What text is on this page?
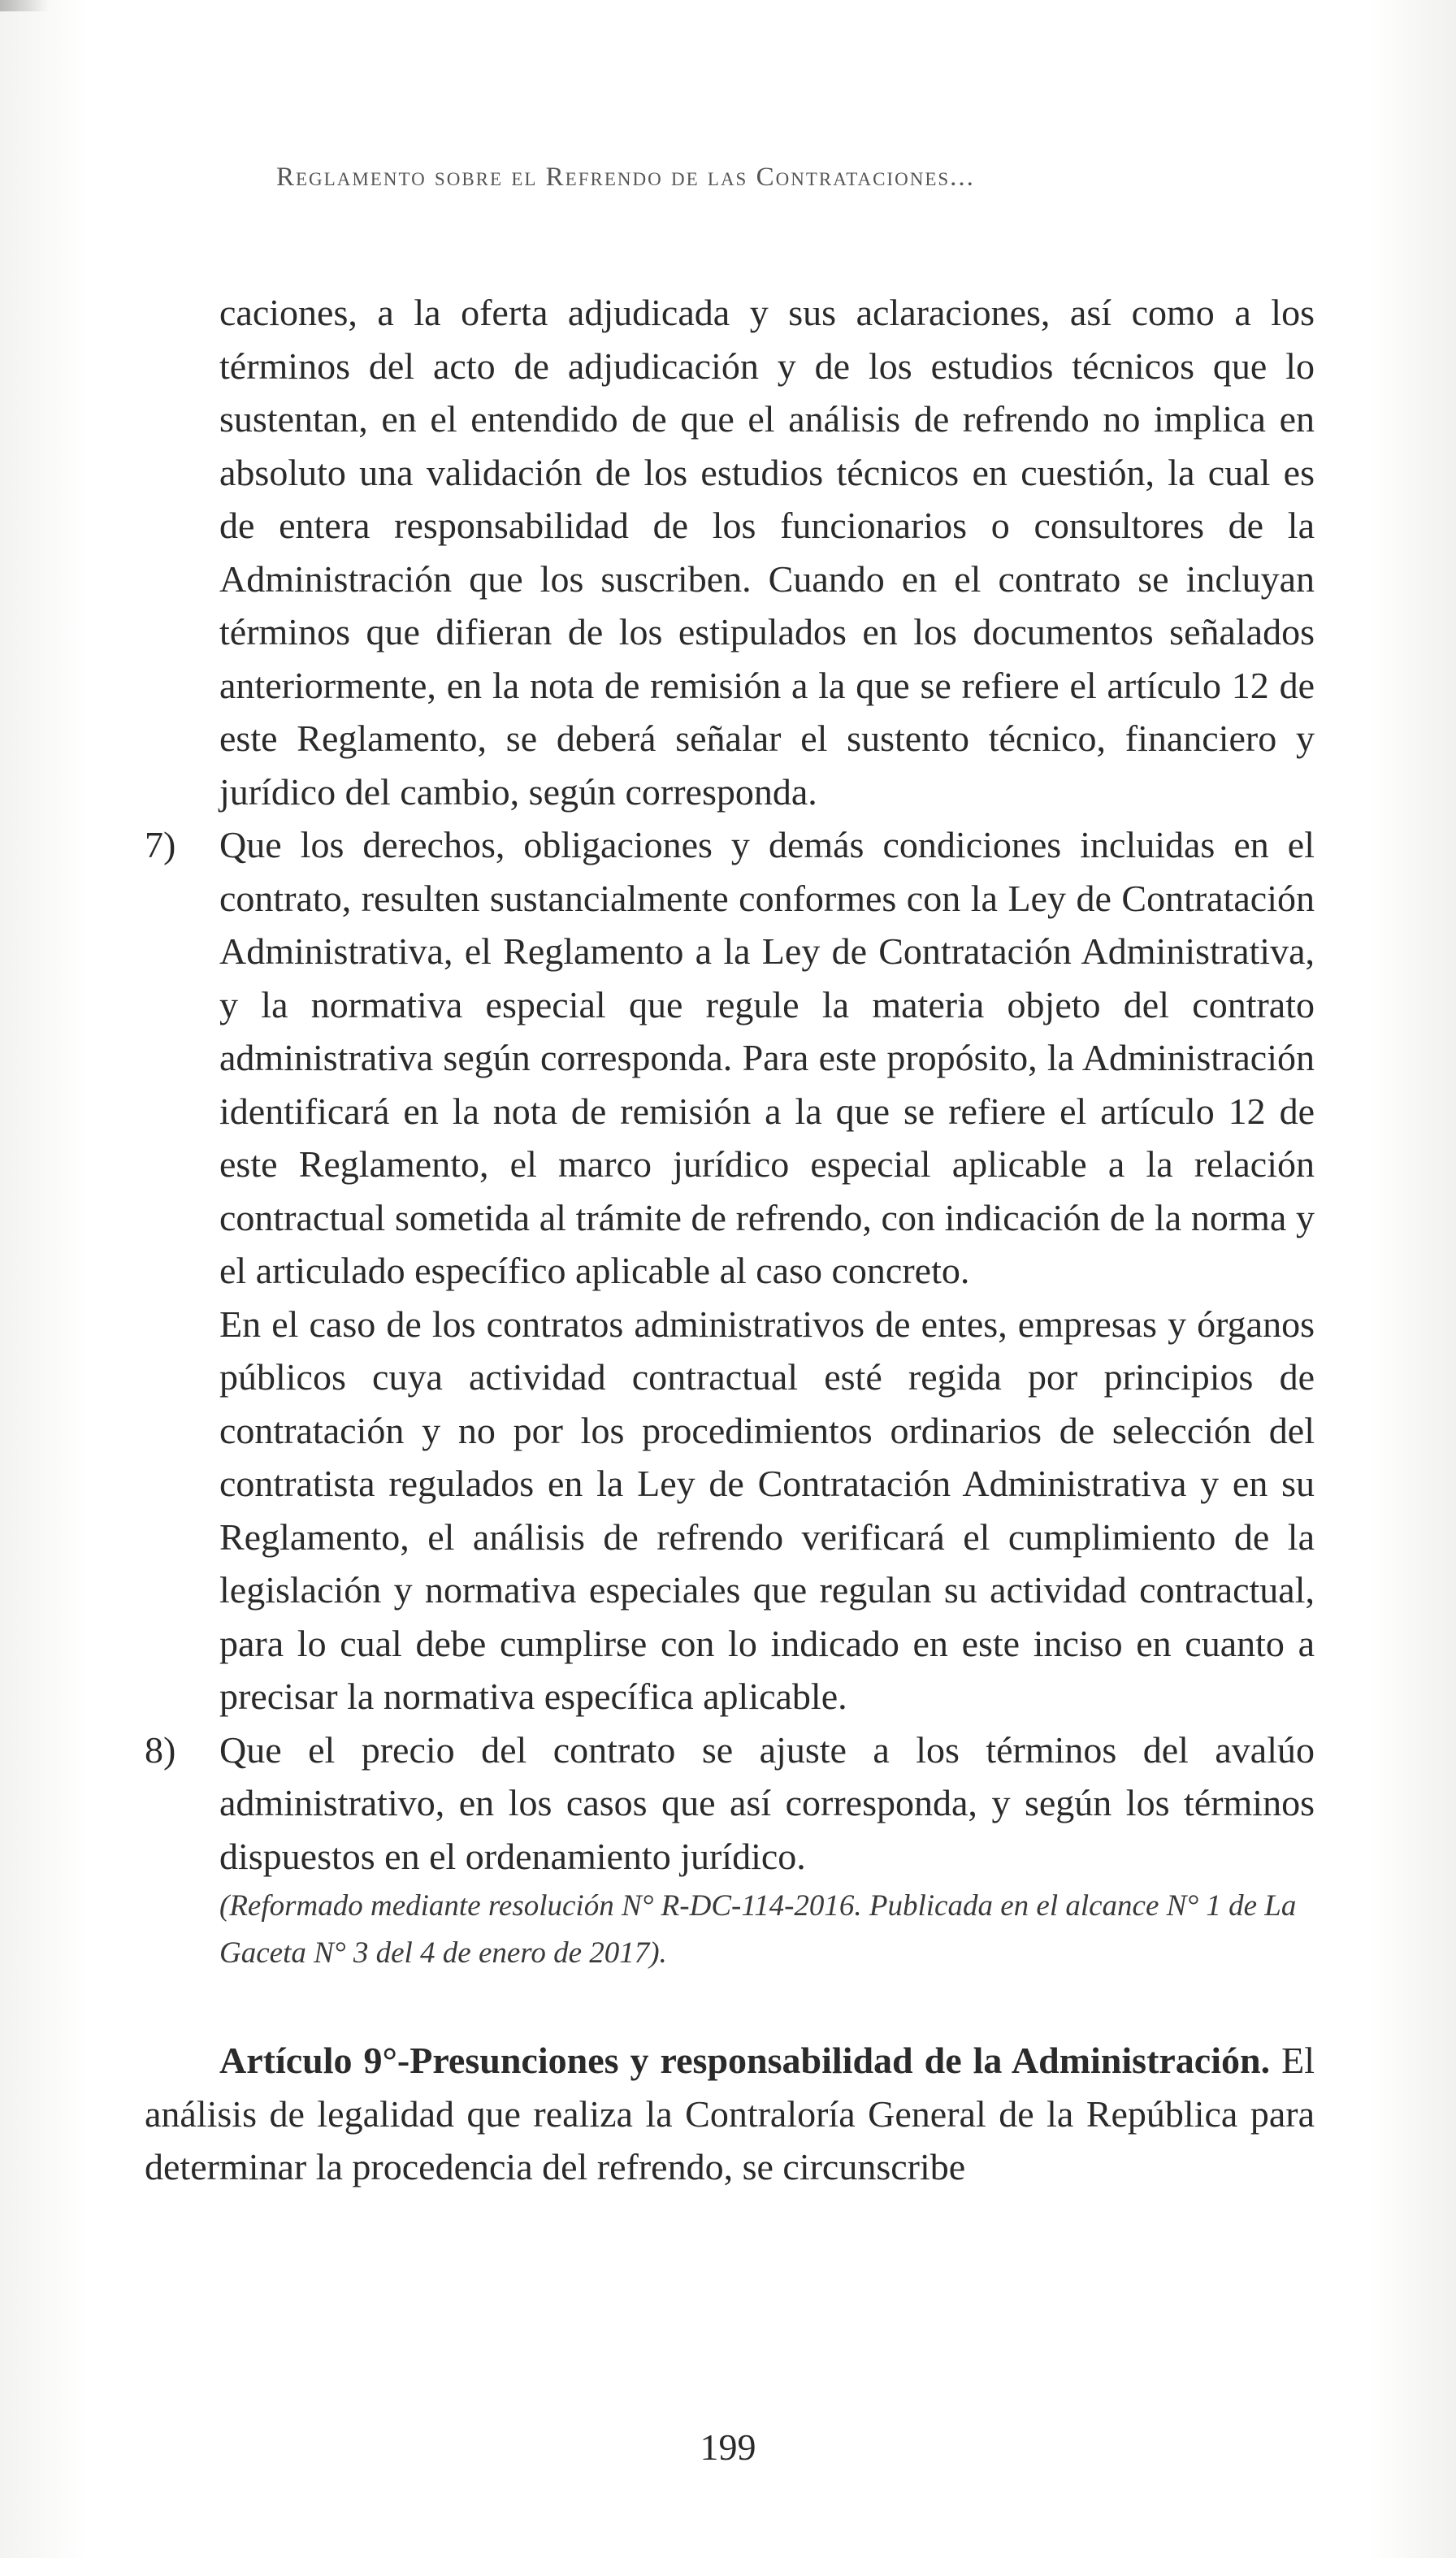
Reglamento sobre el Refrendo de las Contrataciones...

caciones, a la oferta adjudicada y sus aclaraciones, así como a los términos del acto de adjudicación y de los estudios técnicos que lo sustentan, en el entendido de que el análisis de refrendo no implica en absoluto una validación de los estudios técnicos en cuestión, la cual es de entera responsabilidad de los funcionarios o consultores de la Administración que los suscriben. Cuando en el contrato se incluyan términos que difieran de los estipulados en los documentos señalados anteriormente, en la nota de remisión a la que se refiere el artículo 12 de este Reglamento, se deberá señalar el sustento técnico, financiero y jurídico del cambio, según corresponda.

7) Que los derechos, obligaciones y demás condiciones incluidas en el contrato, resulten sustancialmente conformes con la Ley de Contratación Administrativa, el Reglamento a la Ley de Contratación Administrativa, y la normativa especial que regule la materia objeto del contrato administrativa según corresponda. Para este propósito, la Administración identificará en la nota de remisión a la que se refiere el artículo 12 de este Reglamento, el marco jurídico especial aplicable a la relación contractual sometida al trámite de refrendo, con indicación de la norma y el articulado específico aplicable al caso concreto.

En el caso de los contratos administrativos de entes, empresas y órganos públicos cuya actividad contractual esté regida por principios de contratación y no por los procedimientos ordinarios de selección del contratista regulados en la Ley de Contratación Administrativa y en su Reglamento, el análisis de refrendo verificará el cumplimiento de la legislación y normativa especiales que regulan su actividad contractual, para lo cual debe cumplirse con lo indicado en este inciso en cuanto a precisar la normativa específica aplicable.

8) Que el precio del contrato se ajuste a los términos del avalúo administrativo, en los casos que así corresponda, y según los términos dispuestos en el ordenamiento jurídico.

(Reformado mediante resolución N° R-DC-114-2016. Publicada en el alcance N° 1 de La Gaceta N° 3 del 4 de enero de 2017).

Artículo 9°-Presunciones y responsabilidad de la Administración. El análisis de legalidad que realiza la Contraloría General de la República para determinar la procedencia del refrendo, se circunscribe

199
